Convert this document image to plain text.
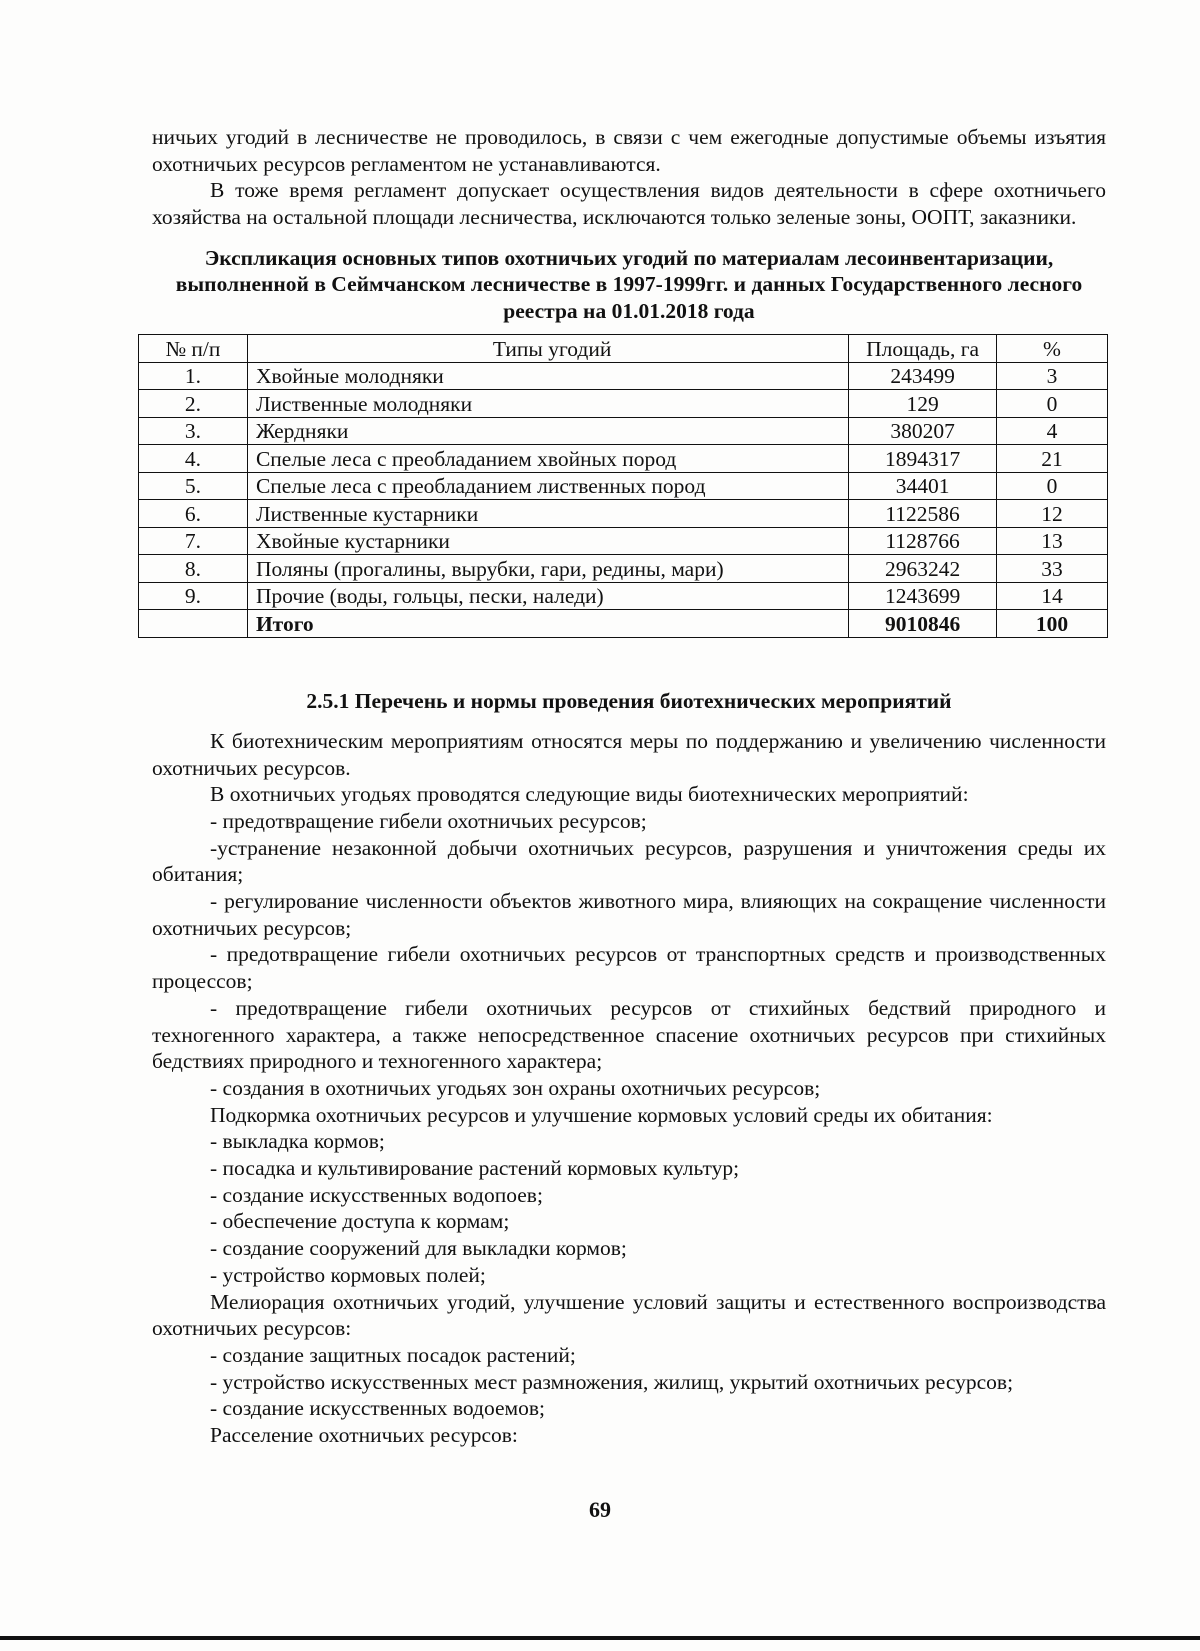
ничьих угодий в лесничестве не проводилось, в связи с чем ежегодные допустимые объемы изъятия охотничьих ресурсов регламентом не устанавливаются.

В тоже время регламент допускает осуществления видов деятельности в сфере охотничьего хозяйства на остальной площади лесничества, исключаются только зеленые зоны, ООПТ, заказники.

Экспликация основных типов охотничьих угодий по материалам лесоинвентаризации, выполненной в Сеймчанском лесничестве в 1997-1999гг. и данных Государственного лесного реестра на 01.01.2018 года
№ п/п	Типы угодий	Площадь, га	%
1.	Хвойные молодняки	243499	3
2.	Лиственные молодняки	129	0
3.	Жердняки	380207	4
4.	Спелые леса с преобладанием хвойных пород	1894317	21
5.	Спелые леса с преобладанием лиственных пород	34401	0
6.	Лиственные кустарники	1122586	12
7.	Хвойные кустарники	1128766	13
8.	Поляны (прогалины, вырубки, гари, редины, мари)	2963242	33
9.	Прочие (воды, гольцы, пески, наледи)	1243699	14
	Итого	9010846	100
2.5.1 Перечень и нормы проведения биотехнических мероприятий

К биотехническим мероприятиям относятся меры по поддержанию и увеличению численности охотничьих ресурсов.

В охотничьих угодьях проводятся следующие виды биотехнических мероприятий:

- предотвращение гибели охотничьих ресурсов;

-устранение незаконной добычи охотничьих ресурсов, разрушения и уничтожения среды их обитания;

- регулирование численности объектов животного мира, влияющих на сокращение численности охотничьих ресурсов;

- предотвращение гибели охотничьих ресурсов от транспортных средств и производственных процессов;

- предотвращение гибели охотничьих ресурсов от стихийных бедствий природного и техногенного характера, а также непосредственное спасение охотничьих ресурсов при стихийных бедствиях природного и техногенного характера;

- создания в охотничьих угодьях зон охраны охотничьих ресурсов;

Подкормка охотничьих ресурсов и улучшение кормовых условий среды их обитания:

- выкладка кормов;

- посадка и культивирование растений кормовых культур;

- создание искусственных водопоев;

- обеспечение доступа к кормам;

- создание сооружений для выкладки кормов;

- устройство кормовых полей;

Мелиорация охотничьих угодий, улучшение условий защиты и естественного воспроизводства охотничьих ресурсов:

- создание защитных посадок растений;

- устройство искусственных мест размножения, жилищ, укрытий охотничьих ресурсов;

- создание искусственных водоемов;

Расселение охотничьих ресурсов:

69
